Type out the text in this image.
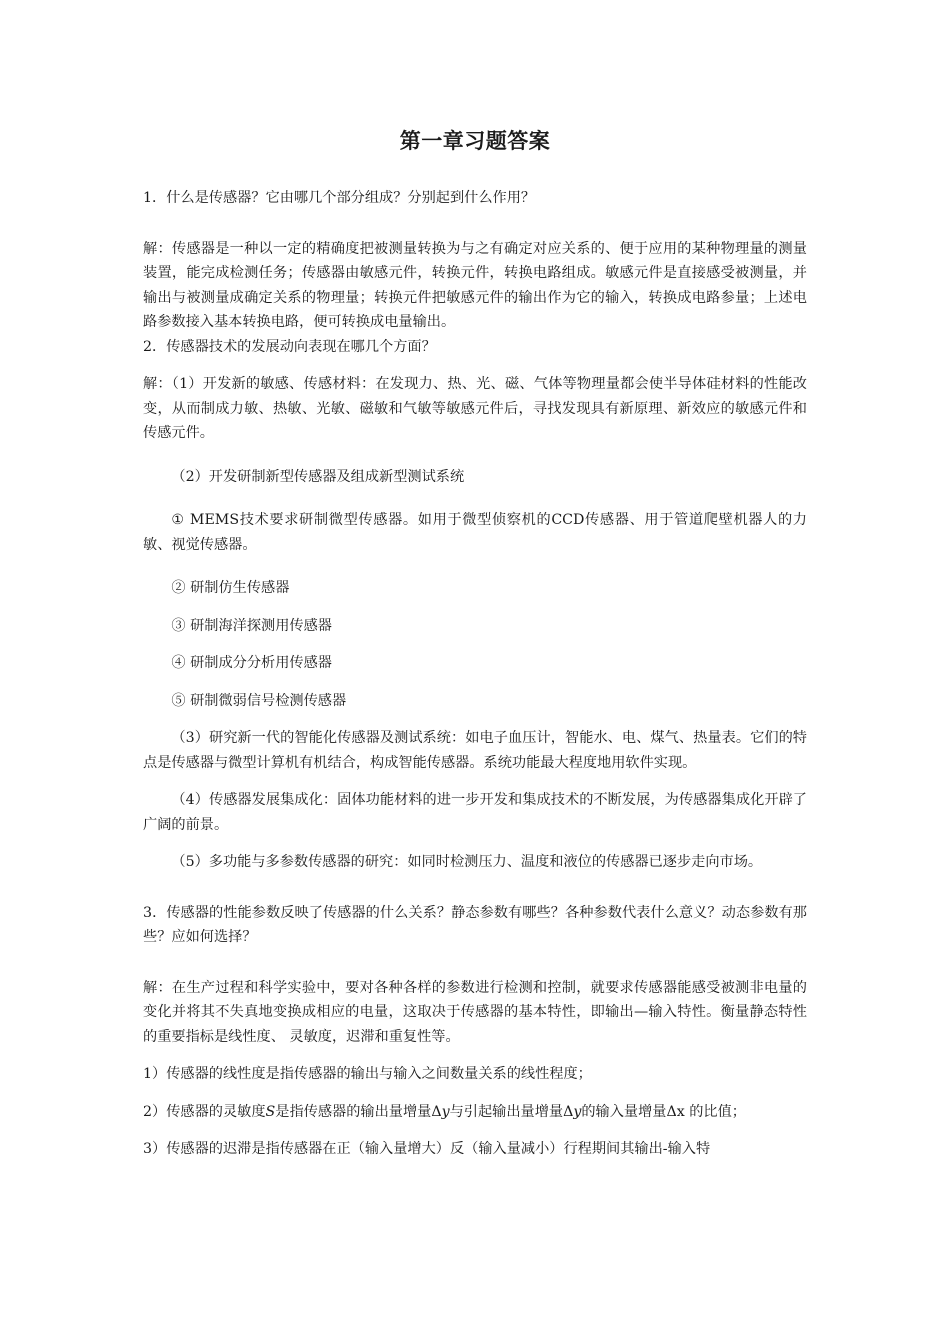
第一章习题答案

1．什么是传感器？它由哪几个部分组成？分别起到什么作用？

解：传感器是一种以一定的精确度把被测量转换为与之有确定对应关系的、便于应用的某种物理量的测量装置，能完成检测任务；传感器由敏感元件，转换元件，转换电路组成。敏感元件是直接感受被测量，并输出与被测量成确定关系的物理量；转换元件把敏感元件的输出作为它的输入，转换成电路参量；上述电路参数接入基本转换电路，便可转换成电量输出。

2．传感器技术的发展动向表现在哪几个方面？

解：（1）开发新的敏感、传感材料：在发现力、热、光、磁、气体等物理量都会使半导体硅材料的性能改变，从而制成力敏、热敏、光敏、磁敏和气敏等敏感元件后，寻找发现具有新原理、新效应的敏感元件和传感元件。

（2）开发研制新型传感器及组成新型测试系统

① MEMS技术要求研制微型传感器。如用于微型侦察机的CCD传感器、用于管道爬壁机器人的力敏、视觉传感器。

② 研制仿生传感器

③ 研制海洋探测用传感器

④ 研制成分分析用传感器

⑤ 研制微弱信号检测传感器

（3）研究新一代的智能化传感器及测试系统：如电子血压计，智能水、电、煤气、热量表。它们的特点是传感器与微型计算机有机结合，构成智能传感器。系统功能最大程度地用软件实现。

（4）传感器发展集成化：固体功能材料的进一步开发和集成技术的不断发展，为传感器集成化开辟了广阔的前景。

（5）多功能与多参数传感器的研究：如同时检测压力、温度和液位的传感器已逐步走向市场。

3．传感器的性能参数反映了传感器的什么关系？静态参数有哪些？各种参数代表什么意义？动态参数有那些？应如何选择？

解：在生产过程和科学实验中，要对各种各样的参数进行检测和控制，就要求传感器能感受被测非电量的变化并将其不失真地变换成相应的电量，这取决于传感器的基本特性，即输出—输入特性。衡量静态特性的重要指标是线性度、 灵敏度，迟滞和重复性等。

1）传感器的线性度是指传感器的输出与输入之间数量关系的线性程度；

2）传感器的灵敏度S是指传感器的输出量增量Δy与引起输出量增量Δy的输入量增量Δx 的比值；

3）传感器的迟滞是指传感器在正（输入量增大）反（输入量减小）行程期间其输出-输入特
